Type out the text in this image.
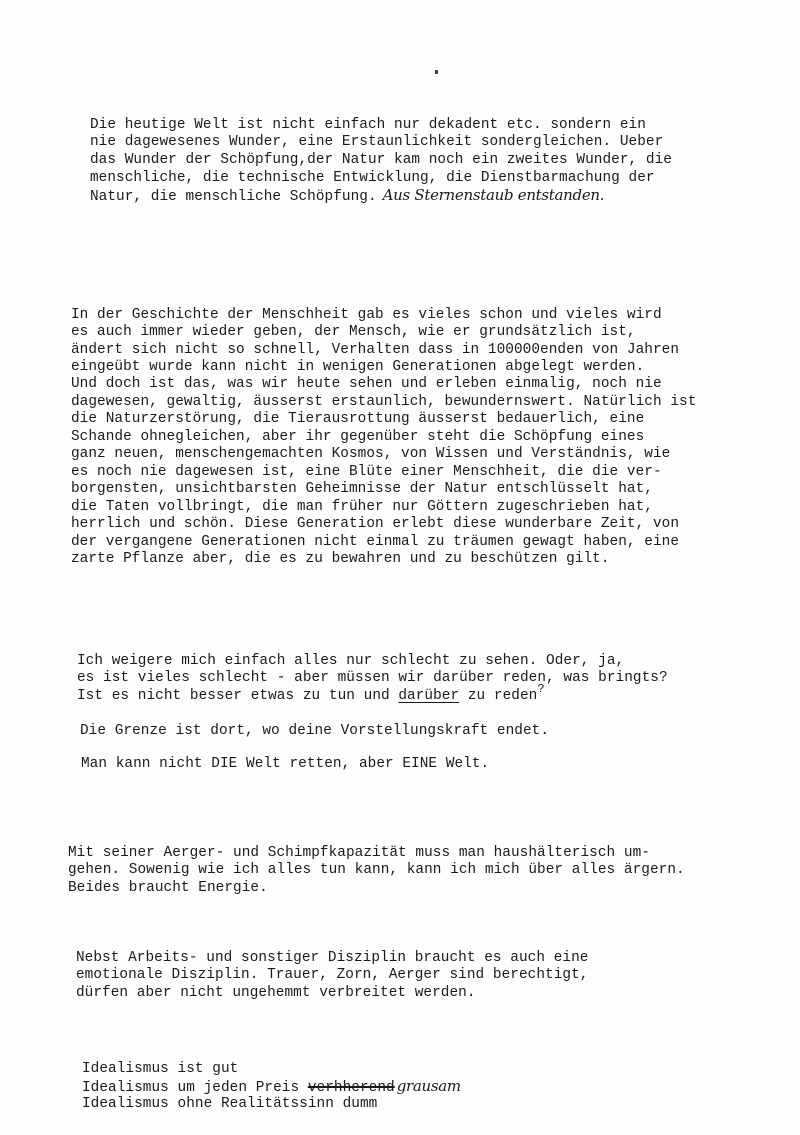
Die heutige Welt ist nicht einfach nur dekadent etc. sondern ein
nie dagewesenes Wunder, eine Erstaunlichkeit sondergleichen. Ueber
das Wunder der Schöpfung,der Natur kam noch ein zweites Wunder, die
menschliche, die technische Entwicklung, die Dienstbarmachung der
Natur, die menschliche Schöpfung. Aus Sternenstaub entstanden.
In der Geschichte der Menschheit gab es vieles schon und vieles wird
es auch immer wieder geben, der Mensch, wie er grundsätzlich ist,
ändert sich nicht so schnell, Verhalten dass in 100000enden von Jahren
eingeübt wurde kann nicht in wenigen Generationen abgelegt werden.
Und doch ist das, was wir heute sehen und erleben einmalig, noch nie
dagewesen, gewaltig, äusserst erstaunlich, bewundernswert. Natürlich ist
die Naturzerstörung, die Tierausrottung äusserst bedauerlich, eine
Schande ohnegleichen, aber ihr gegenüber steht die Schöpfung eines
ganz neuen, menschengemachten Kosmos, von Wissen und Verständnis, wie
es noch nie dagewesen ist, eine Blüte einer Menschheit, die die ver-
borgensten, unsichtbarsten Geheimnisse der Natur entschlüsselt hat,
die Taten vollbringt, die man früher nur Göttern zugeschrieben hat,
herrlich und schön. Diese Generation erlebt diese wunderbare Zeit, von
der vergangene Generationen nicht einmal zu träumen gewagt haben, eine
zarte Pflanze aber, die es zu bewahren und zu beschützen gilt.
Ich weigere mich einfach alles nur schlecht zu sehen. Oder, ja,
es ist vieles schlecht - aber müssen wir darüber reden, was bringts?
Ist es nicht besser etwas zu tun und darüber zu reden?
Die Grenze ist dort, wo deine Vorstellungskraft endet.
Man kann nicht DIE Welt retten, aber EINE Welt.
Mit seiner Aerger- und Schimpfkapazität muss man haushälterisch um-
gehen. Sowenig wie ich alles tun kann, kann ich mich über alles ärgern.
Beides braucht Energie.
Nebst Arbeits- und sonstiger Disziplin braucht es auch eine
emotionale Disziplin. Trauer, Zorn, Aerger sind berechtigt,
dürfen aber nicht ungehemmt verbreitet werden.
Idealismus ist gut
Idealismus um jeden Preis verhherend grausam
Idealismus ohne Realitätssinn dumm
